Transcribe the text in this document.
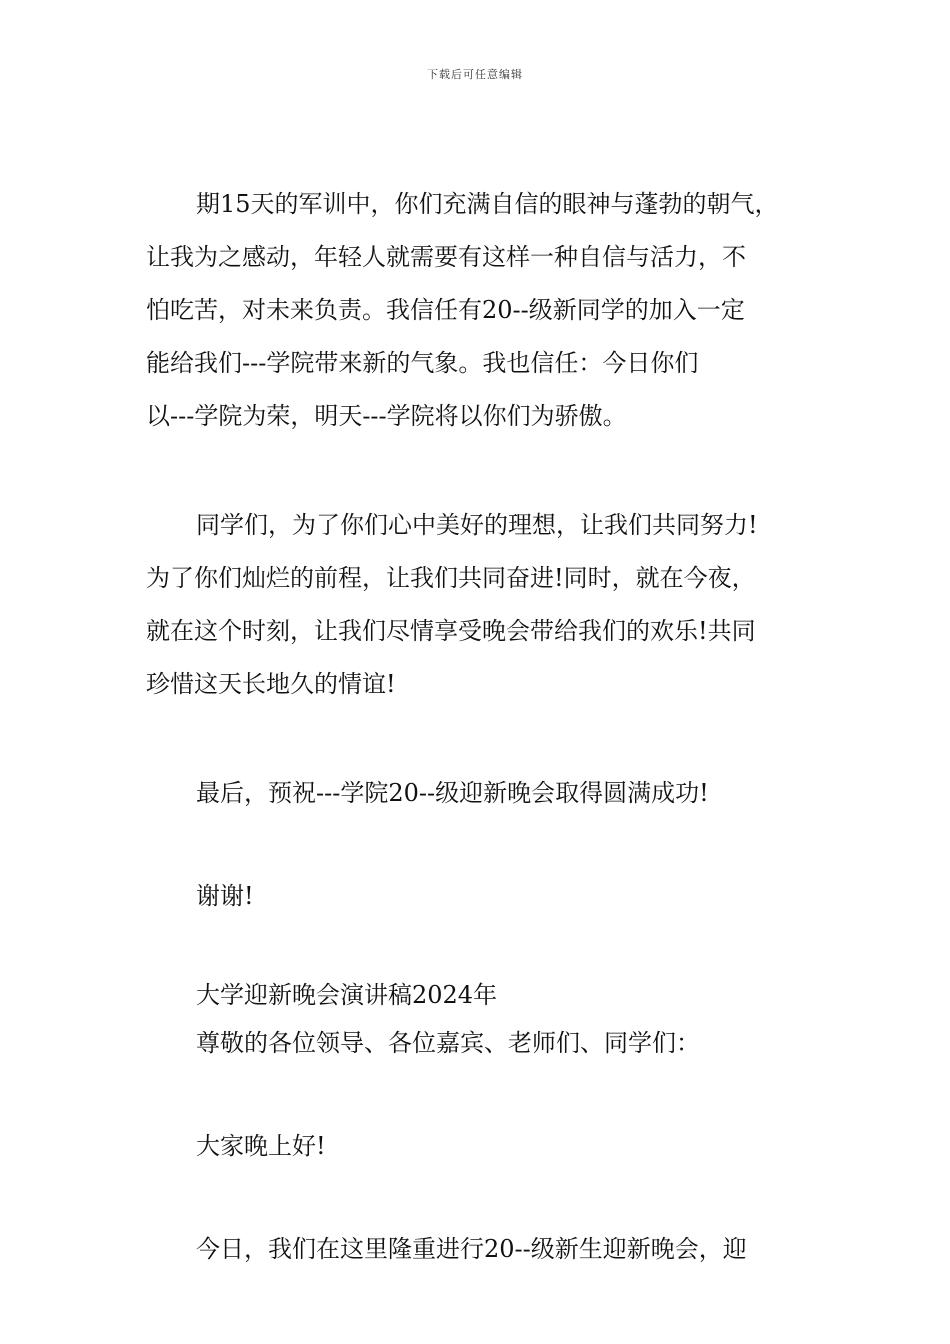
下载后可任意编辑
期15天的军训中，你们充满自信的眼神与蓬勃的朝气，
让我为之感动，年轻人就需要有这样一种自信与活力，不
怕吃苦，对未来负责。我信任有20--级新同学的加入一定
能给我们---学院带来新的气象。我也信任：今日你们
以---学院为荣，明天---学院将以你们为骄傲。
同学们，为了你们心中美好的理想，让我们共同努力!
为了你们灿烂的前程，让我们共同奋进!同时，就在今夜，
就在这个时刻，让我们尽情享受晚会带给我们的欢乐!共同
珍惜这天长地久的情谊!
最后，预祝---学院20--级迎新晚会取得圆满成功!
谢谢!
大学迎新晚会演讲稿2024年
尊敬的各位领导、各位嘉宾、老师们、同学们：
大家晚上好!
今日，我们在这里隆重进行20--级新生迎新晚会，迎
